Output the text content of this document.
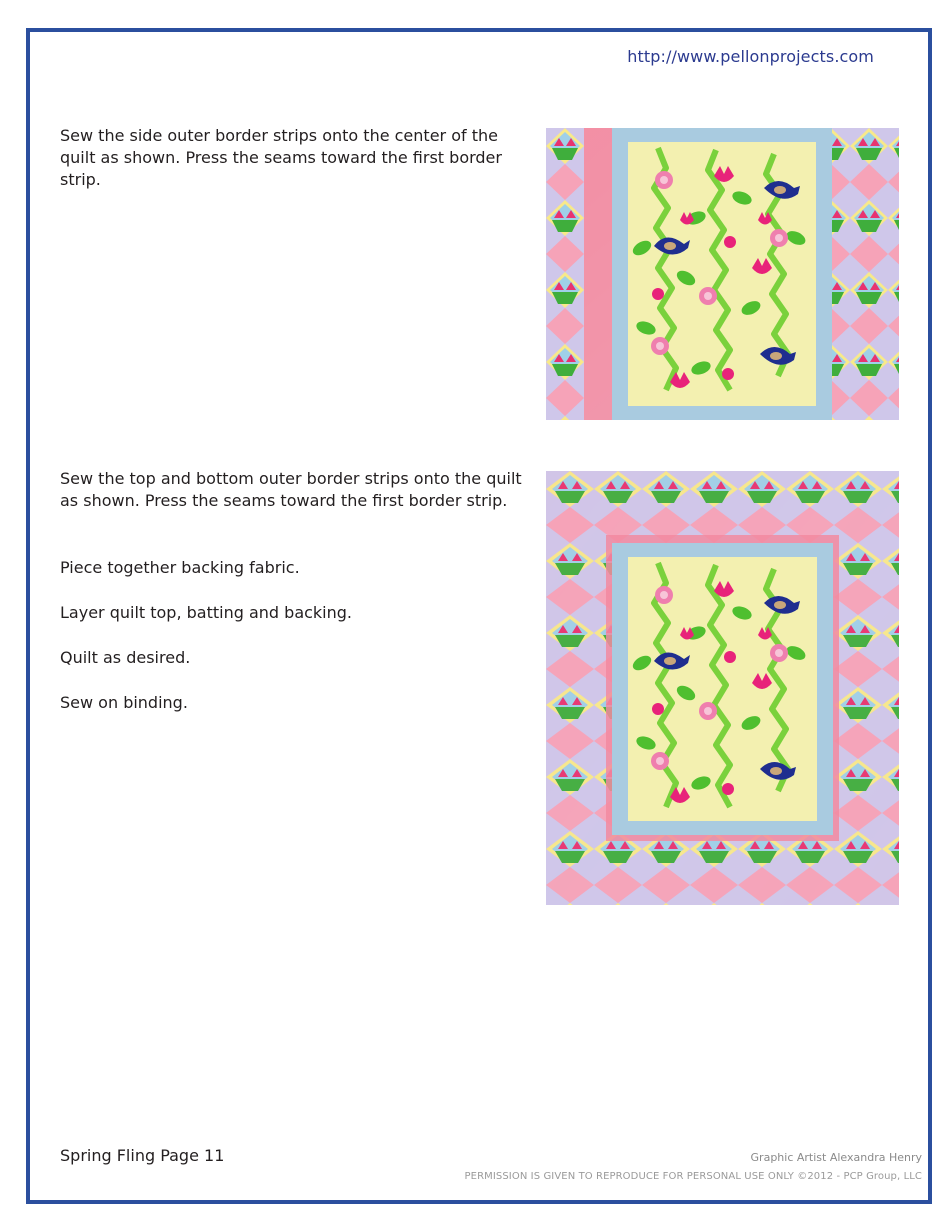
http://www.pellonprojects.com

Sew the side outer border strips onto the center of the quilt as shown. Press the seams toward the first border strip.

Sew the top and bottom outer border strips onto the quilt as shown. Press the seams toward the first border strip.

Piece together backing fabric.

Layer quilt top, batting and backing.

Quilt as desired.

Sew on binding.

Spring Fling Page 11	Graphic Artist Alexandra Henry
PERMISSION IS GIVEN TO REPRODUCE FOR PERSONAL USE ONLY ©2012 - PCP Group, LLC
